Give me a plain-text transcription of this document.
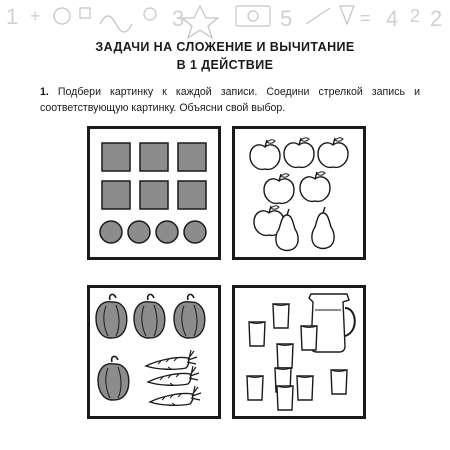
1 +	3	5	= 4 2 2
ЗАДАЧИ НА СЛОЖЕНИЕ И ВЫЧИТАНИЕ
В 1 ДЕЙСТВИЕ
1. Подбери картинку к каждой записи. Соедини стрелкой запись и соответствующую картинку. Объясни свой выбор.
